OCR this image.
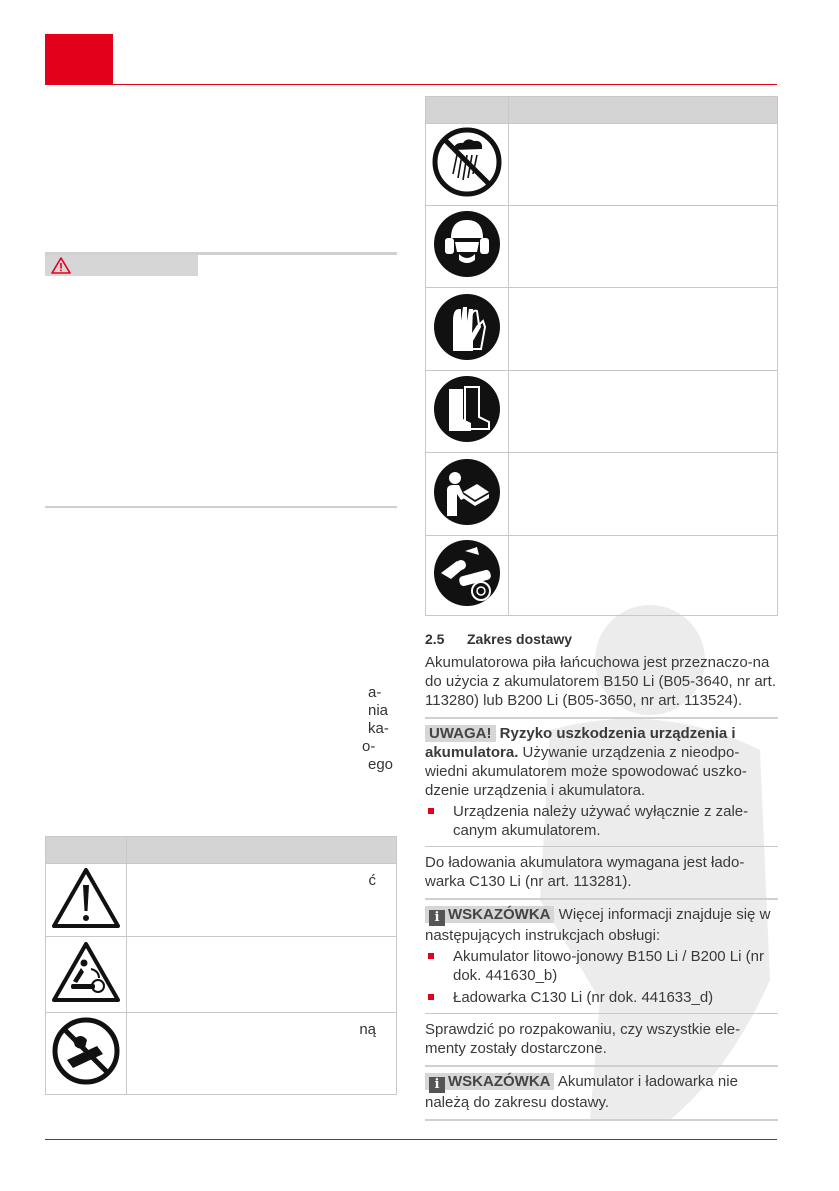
a-
nia
ka-
o-
ego

ć

ną

2.5 Zakres dostawy

Akumulatorowa piła łańcuchowa jest przeznaczo-na do użycia z akumulatorem B150 Li (B05-3640, nr art. 113280) lub B200 Li (B05-3650, nr art. 113524).

UWAGA! Ryzyko uszkodzenia urządzenia i akumulatora. Używanie urządzenia z nieodpo-wiedni akumulatorem może spowodować uszko-dzenie urządzenia i akumulatora.

Urządzenia należy używać wyłącznie z zale-canym akumulatorem.

Do ładowania akumulatora wymagana jest łado-warka C130 Li (nr art. 113281).

i WSKAZÓWKA Więcej informacji znajduje się w następujących instrukcjach obsługi:

Akumulator litowo-jonowy B150 Li / B200 Li (nr dok. 441630_b)
Ładowarka C130 Li (nr dok. 441633_d)

Sprawdzić po rozpakowaniu, czy wszystkie ele-menty zostały dostarczone.

i WSKAZÓWKA Akumulator i ładowarka nie należą do zakresu dostawy.
